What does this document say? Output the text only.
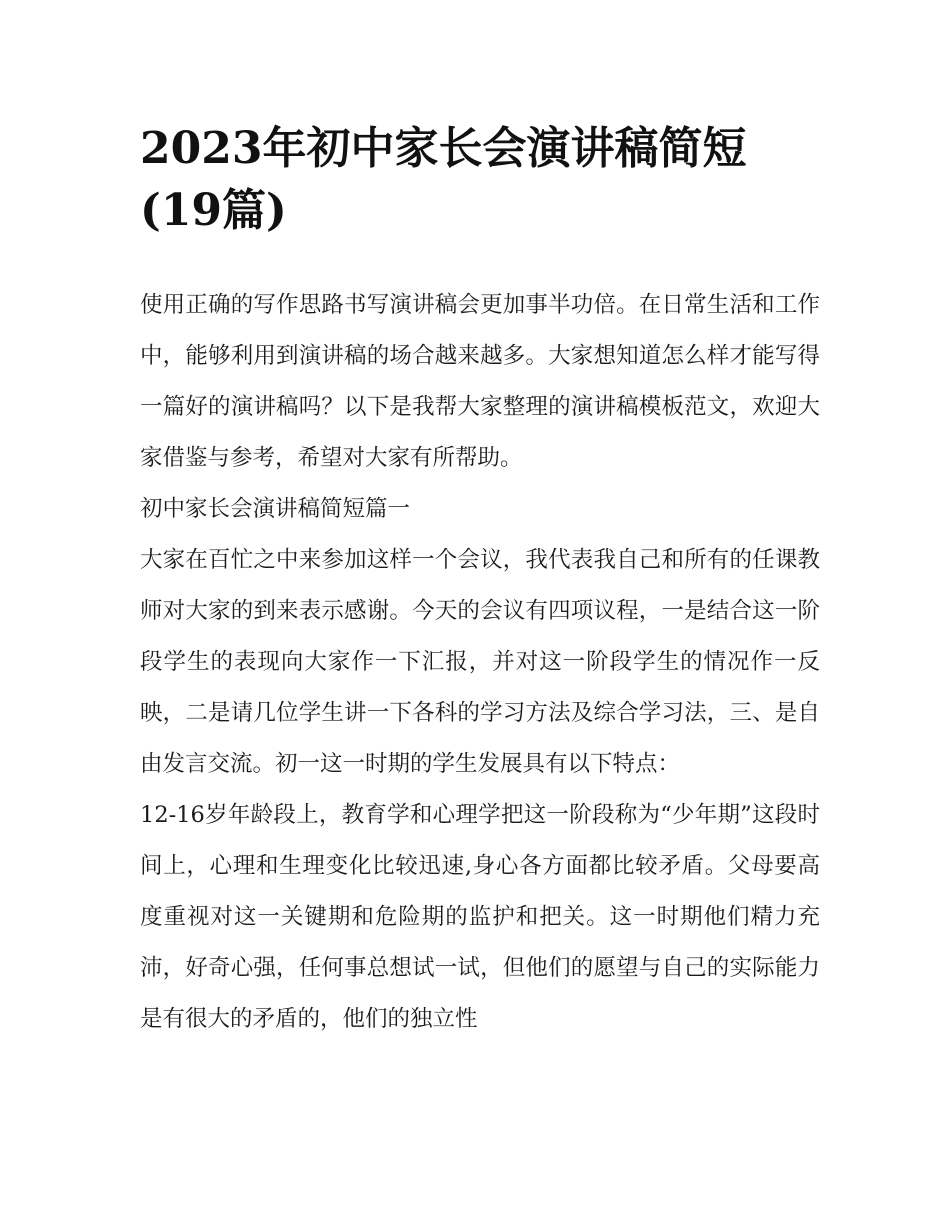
2023年初中家长会演讲稿简短(19篇)

使用正确的写作思路书写演讲稿会更加事半功倍。在日常生活和工作中，能够利用到演讲稿的场合越来越多。大家想知道怎么样才能写得一篇好的演讲稿吗？以下是我帮大家整理的演讲稿模板范文，欢迎大家借鉴与参考，希望对大家有所帮助。

初中家长会演讲稿简短篇一

大家在百忙之中来参加这样一个会议，我代表我自己和所有的任课教师对大家的到来表示感谢。今天的会议有四项议程，一是结合这一阶段学生的表现向大家作一下汇报，并对这一阶段学生的情况作一反映，二是请几位学生讲一下各科的学习方法及综合学习法，三、是自由发言交流。初一这一时期的学生发展具有以下特点：

12-16岁年龄段上，教育学和心理学把这一阶段称为“少年期”这段时间上，心理和生理变化比较迅速,身心各方面都比较矛盾。父母要高度重视对这一关键期和危险期的监护和把关。这一时期他们精力充沛，好奇心强，任何事总想试一试，但他们的愿望与自己的实际能力是有很大的矛盾的，他们的独立性
